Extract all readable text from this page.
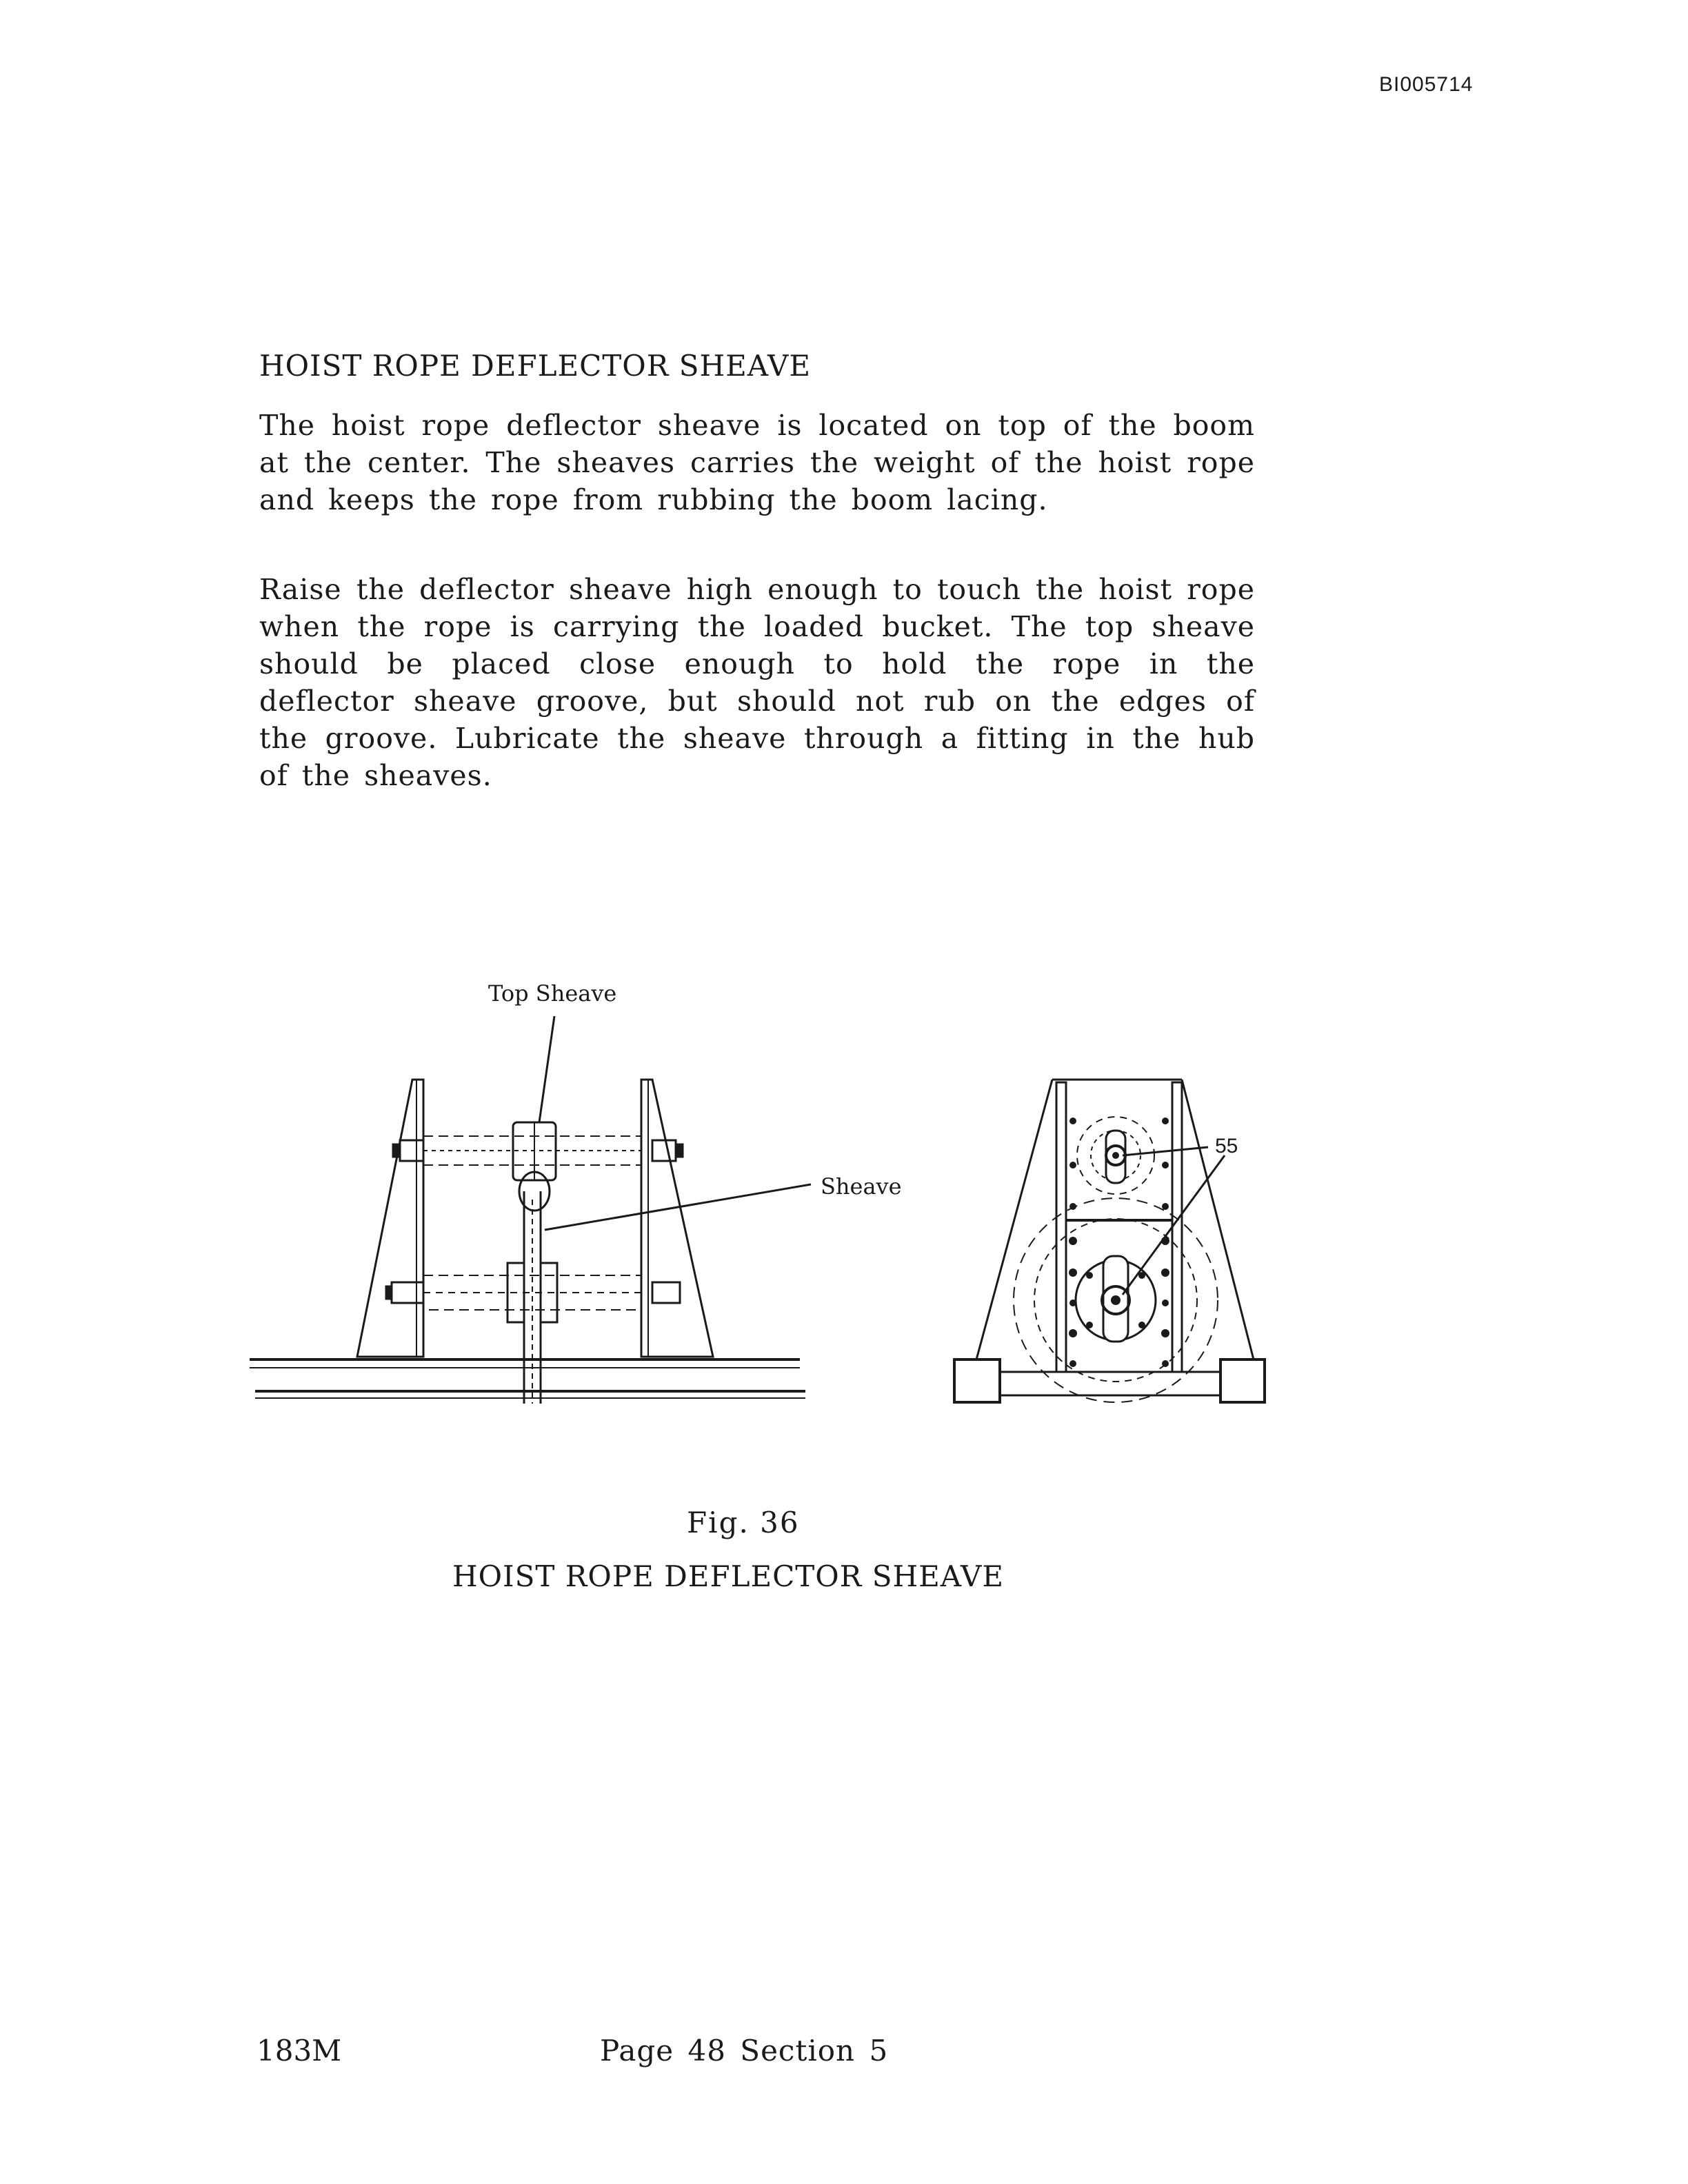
BI005714
HOIST ROPE DEFLECTOR SHEAVE

The hoist rope deflector sheave is located on top of the boom at the center. The sheaves carries the weight of the hoist rope and keeps the rope from rubbing the boom lacing.

Raise the deflector sheave high enough to touch the hoist rope when the rope is carrying the loaded bucket. The top sheave should be placed close enough to hold the rope in the deflector sheave groove, but should not rub on the edges of the groove. Lubricate the sheave through a fitting in the hub of the sheaves.

Top Sheave
Sheave
55
Fig. 36
HOIST ROPE DEFLECTOR SHEAVE
183M	Page 48 Section 5
